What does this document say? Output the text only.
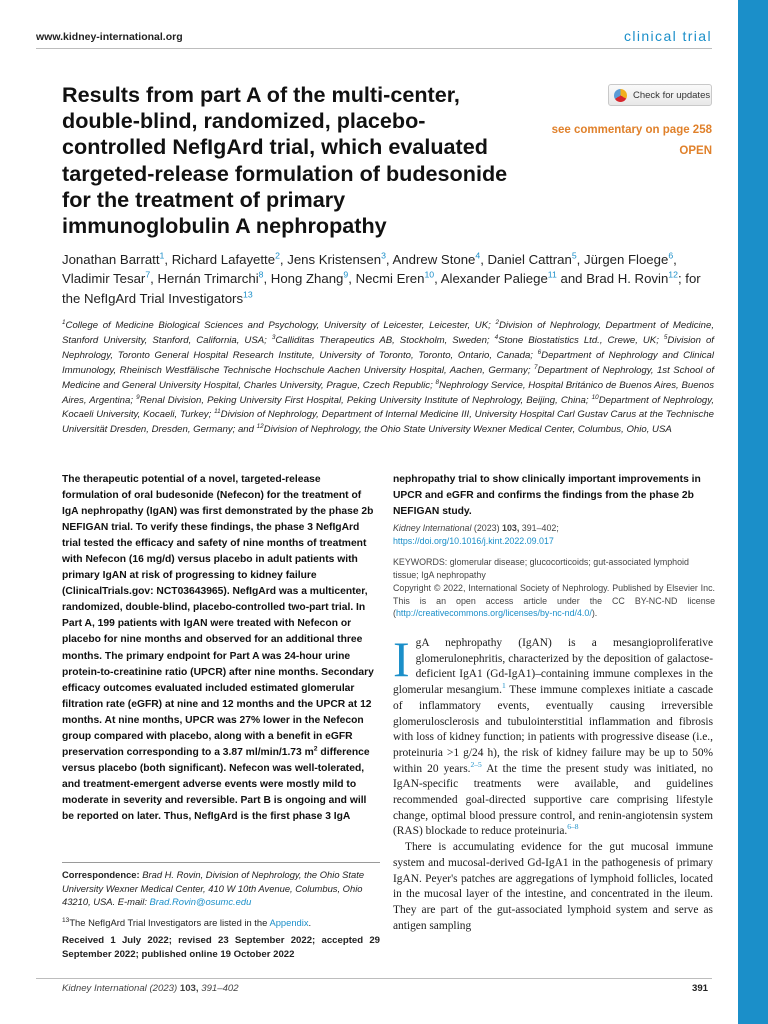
www.kidney-international.org	clinical trial
Results from part A of the multi-center, double-blind, randomized, placebo-controlled NefIgArd trial, which evaluated targeted-release formulation of budesonide for the treatment of primary immunoglobulin A nephropathy
Check for updates
see commentary on page 258
OPEN

Jonathan Barratt$^1$, Richard Lafayette$^2$, Jens Kristensen$^3$, Andrew Stone$^4$, Daniel Cattran$^5$, Jürgen Floege$^6$, Vladimir Tesar$^7$, Hernán Trimarchi$^8$, Hong Zhang$^9$, Necmi Eren$^{10}$, Alexander Paliege$^{11}$ and Brad H. Rovin$^{12}$; for the NefIgArd Trial Investigators$^{13}$

$^1$College of Medicine Biological Sciences and Psychology, University of Leicester, Leicester, UK; $^2$Division of Nephrology, Department of Medicine, Stanford University, Stanford, California, USA; $^3$Calliditas Therapeutics AB, Stockholm, Sweden; $^4$Stone Biostatistics Ltd., Crewe, UK; $^5$Division of Nephrology, Toronto General Hospital Research Institute, University of Toronto, Toronto, Ontario, Canada; $^6$Department of Nephrology and Clinical Immunology, Rheinisch Westfälische Technische Hochschule Aachen University Hospital, Aachen, Germany; $^7$Department of Nephrology, 1st School of Medicine and General University Hospital, Charles University, Prague, Czech Republic; $^8$Nephrology Service, Hospital Británico de Buenos Aires, Buenos Aires, Argentina; $^9$Renal Division, Peking University First Hospital, Peking University Institute of Nephrology, Beijing, China; $^{10}$Department of Nephrology, Kocaeli University, Kocaeli, Turkey; $^{11}$Division of Nephrology, Department of Internal Medicine III, University Hospital Carl Gustav Carus at the Technische Universität Dresden, Dresden, Germany; and $^{12}$Division of Nephrology, the Ohio State University Wexner Medical Center, Columbus, Ohio, USA

The therapeutic potential of a novel, targeted-release formulation of oral budesonide (Nefecon) for the treatment of IgA nephropathy (IgAN) was first demonstrated by the phase 2b NEFIGAN trial. To verify these findings, the phase 3 NefIgArd trial tested the efficacy and safety of nine months of treatment with Nefecon (16 mg/d) versus placebo in adult patients with primary IgAN at risk of progressing to kidney failure (ClinicalTrials.gov: NCT03643965). NefIgArd was a multicenter, randomized, double-blind, placebo-controlled two-part trial. In Part A, 199 patients with IgAN were treated with Nefecon or placebo for nine months and observed for an additional three months. The primary endpoint for Part A was 24-hour urine protein-to-creatinine ratio (UPCR) after nine months. Secondary efficacy outcomes evaluated included estimated glomerular filtration rate (eGFR) at nine and 12 months and the UPCR at 12 months. At nine months, UPCR was 27% lower in the Nefecon group compared with placebo, along with a benefit in eGFR preservation corresponding to a 3.87 ml/min/1.73 $m^2$ difference versus placebo (both significant). Nefecon was well-tolerated, and treatment-emergent adverse events were mostly mild to moderate in severity and reversible. Part B is ongoing and will be reported on later. Thus, NefIgArd is the first phase 3 IgA

nephropathy trial to show clinically important improvements in UPCR and eGFR and confirms the findings from the phase 2b NEFIGAN study.

Kidney International (2023) 103, 391–402; https://doi.org/10.1016/j.kint.2022.09.017

KEYWORDS: glomerular disease; glucocorticoids; gut-associated lymphoid tissue; IgA nephropathy

Copyright © 2022, International Society of Nephrology. Published by Elsevier Inc. This is an open access article under the CC BY-NC-ND license (http://creativecommons.org/licenses/by-nc-nd/4.0/).

IgA nephropathy (IgAN) is a mesangioproliferative glomerulonephritis, characterized by the deposition of galactose-deficient IgA1 (Gd-IgA1)–containing immune complexes in the glomerular mesangium.$^1$ These immune complexes initiate a cascade of inflammatory events, eventually causing irreversible glomerulosclerosis and tubulointerstitial inflammation and fibrosis with loss of kidney function; in patients with progressive disease (i.e., proteinuria >1 g/24 h), the risk of kidney failure may be up to 50% within 20 years.$^{2-5}$ At the time the present study was initiated, no IgAN-specific treatments were available, and guidelines recommended goal-directed supportive care comprising lifestyle change, optimal blood pressure control, and renin-angiotensin system (RAS) blockade to reduce proteinuria.$^{6-8}$

There is accumulating evidence for the gut mucosal immune system and mucosal-derived Gd-IgA1 in the pathogenesis of primary IgAN. Peyer's patches are aggregations of lymphoid follicles, located in the mucosal layer of the intestine, and concentrated in the ileum. They are part of the gut-associated lymphoid system and serve as antigen sampling

Correspondence: Brad H. Rovin, Division of Nephrology, the Ohio State University Wexner Medical Center, 410 W 10th Avenue, Columbus, Ohio 43210, USA. E-mail: Brad.Rovin@osumc.edu

$^{13}$The NefIgArd Trial Investigators are listed in the Appendix.

Received 1 July 2022; revised 23 September 2022; accepted 29 September 2022; published online 19 October 2022

Kidney International (2023) 103, 391–402	391
